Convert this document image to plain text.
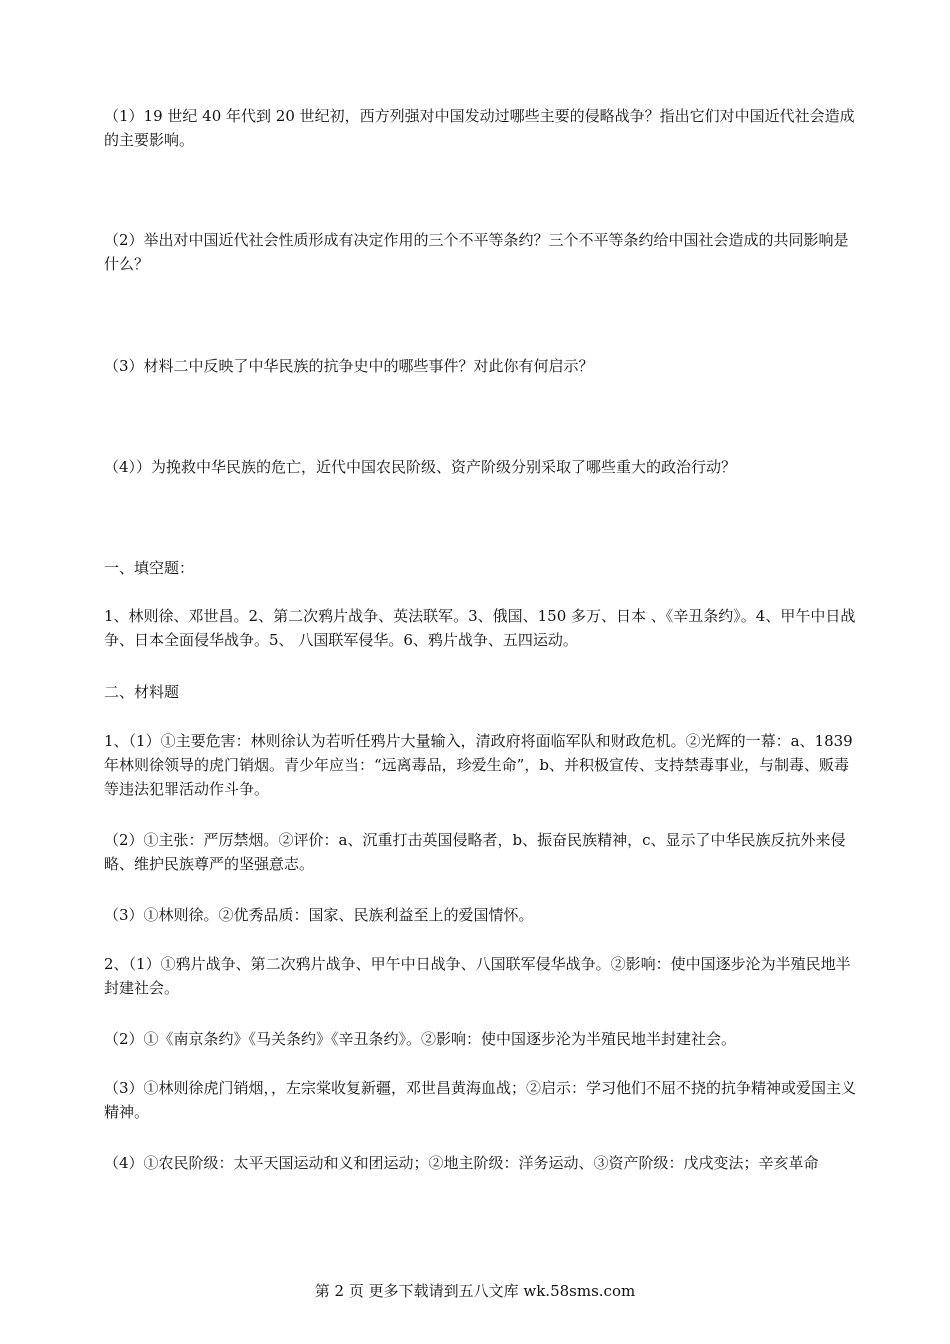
（1）19 世纪 40 年代到 20 世纪初，西方列强对中国发动过哪些主要的侵略战争？指出它们对中国近代社会造成的主要影响。

（2）举出对中国近代社会性质形成有决定作用的三个不平等条约？三个不平等条约给中国社会造成的共同影响是什么？

（3）材料二中反映了中华民族的抗争史中的哪些事件？对此你有何启示？

（4））为挽救中华民族的危亡，近代中国农民阶级、资产阶级分别采取了哪些重大的政治行动？

一、填空题：

1、林则徐、邓世昌。2、第二次鸦片战争、英法联军。3、俄国、150 多万、日本 、《辛丑条约》。4、甲午中日战争、日本全面侵华战争。5、 八国联军侵华。6、鸦片战争、五四运动。

二、材料题

1、（1）①主要危害：林则徐认为若听任鸦片大量输入，清政府将面临军队和财政危机。②光辉的一幕：a、1839 年林则徐领导的虎门销烟。青少年应当：“远离毒品，珍爱生命”，b、并积极宣传、支持禁毒事业，与制毒、贩毒等违法犯罪活动作斗争。

（2）①主张：严厉禁烟。②评价：a、沉重打击英国侵略者，b、振奋民族精神，c、显示了中华民族反抗外来侵略、维护民族尊严的坚强意志。

（3）①林则徐。②优秀品质：国家、民族利益至上的爱国情怀。

2、（1）①鸦片战争、第二次鸦片战争、甲午中日战争、八国联军侵华战争。②影响：使中国逐步沦为半殖民地半封建社会。

（2）①《南京条约》《马关条约》《辛丑条约》。②影响：使中国逐步沦为半殖民地半封建社会。

（3）①林则徐虎门销烟，，左宗棠收复新疆，邓世昌黄海血战；②启示：学习他们不屈不挠的抗争精神或爱国主义精神。

（4）①农民阶级：太平天国运动和义和团运动；②地主阶级：洋务运动、③资产阶级：戊戌变法；辛亥革命

第 2 页 更多下载请到五八文库 wk.58sms.com
